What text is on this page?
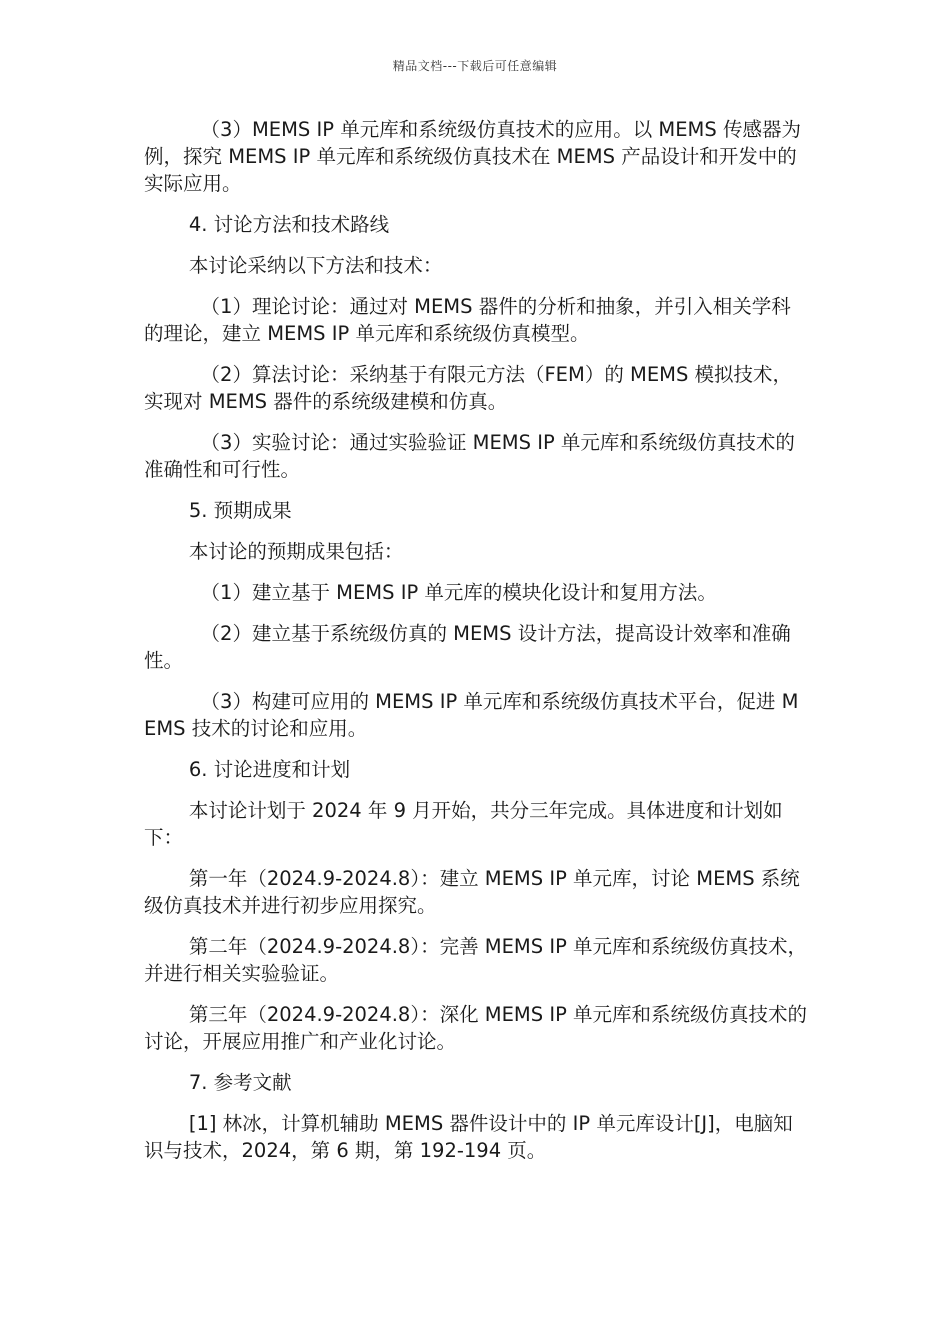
精品文档---下载后可任意编辑

（3）MEMS IP 单元库和系统级仿真技术的应用。以 MEMS 传感器为例，探究 MEMS IP 单元库和系统级仿真技术在 MEMS 产品设计和开发中的实际应用。

4. 讨论方法和技术路线

本讨论采纳以下方法和技术：

（1）理论讨论：通过对 MEMS 器件的分析和抽象，并引入相关学科的理论，建立 MEMS IP 单元库和系统级仿真模型。

（2）算法讨论：采纳基于有限元方法（FEM）的 MEMS 模拟技术，实现对 MEMS 器件的系统级建模和仿真。

（3）实验讨论：通过实验验证 MEMS IP 单元库和系统级仿真技术的准确性和可行性。

5. 预期成果

本讨论的预期成果包括：

（1）建立基于 MEMS IP 单元库的模块化设计和复用方法。

（2）建立基于系统级仿真的 MEMS 设计方法，提高设计效率和准确性。

（3）构建可应用的 MEMS IP 单元库和系统级仿真技术平台，促进 MEMS 技术的讨论和应用。

6. 讨论进度和计划

本讨论计划于 2024 年 9 月开始，共分三年完成。具体进度和计划如下：

第一年（2024.9-2024.8）：建立 MEMS IP 单元库，讨论 MEMS 系统级仿真技术并进行初步应用探究。

第二年（2024.9-2024.8）：完善 MEMS IP 单元库和系统级仿真技术，并进行相关实验验证。

第三年（2024.9-2024.8）：深化 MEMS IP 单元库和系统级仿真技术的讨论，开展应用推广和产业化讨论。

7. 参考文献

[1] 林冰，计算机辅助 MEMS 器件设计中的 IP 单元库设计[J]，电脑知识与技术，2024，第 6 期，第 192-194 页。
